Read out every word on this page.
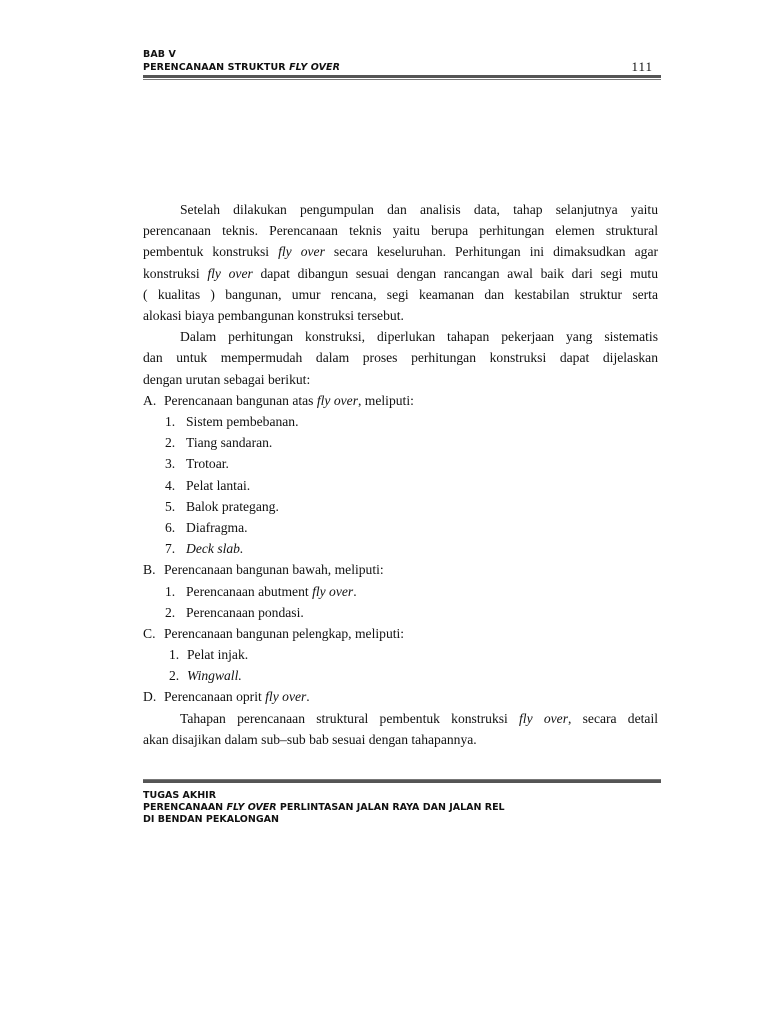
BAB V
PERENCANAAN STRUKTUR FLY OVER	111
Setelah dilakukan pengumpulan dan analisis data, tahap selanjutnya yaitu
perencanaan teknis. Perencanaan teknis yaitu berupa perhitungan elemen struktural
pembentuk konstruksi fly over secara keseluruhan. Perhitungan ini dimaksudkan agar
konstruksi fly over dapat dibangun sesuai dengan rancangan awal baik dari segi mutu
( kualitas ) bangunan, umur rencana, segi keamanan dan kestabilan struktur serta
alokasi biaya pembangunan konstruksi tersebut.
Dalam perhitungan konstruksi, diperlukan tahapan pekerjaan yang sistematis
dan untuk mempermudah dalam proses perhitungan konstruksi dapat dijelaskan
dengan urutan sebagai berikut:
A. Perencanaan bangunan atas fly over, meliputi:
1. Sistem pembebanan.
2. Tiang sandaran.
3. Trotoar.
4. Pelat lantai.
5. Balok prategang.
6. Diafragma.
7. Deck slab.
B. Perencanaan bangunan bawah, meliputi:
1. Perencanaan abutment fly over.
2. Perencanaan pondasi.
C. Perencanaan bangunan pelengkap, meliputi:
1. Pelat injak.
2. Wingwall.
D. Perencanaan oprit fly over.
Tahapan perencanaan struktural pembentuk konstruksi fly over, secara detail
akan disajikan dalam sub–sub bab sesuai dengan tahapannya.
TUGAS AKHIR
PERENCANAAN FLY OVER PERLINTASAN JALAN RAYA DAN JALAN REL
DI BENDAN PEKALONGAN
